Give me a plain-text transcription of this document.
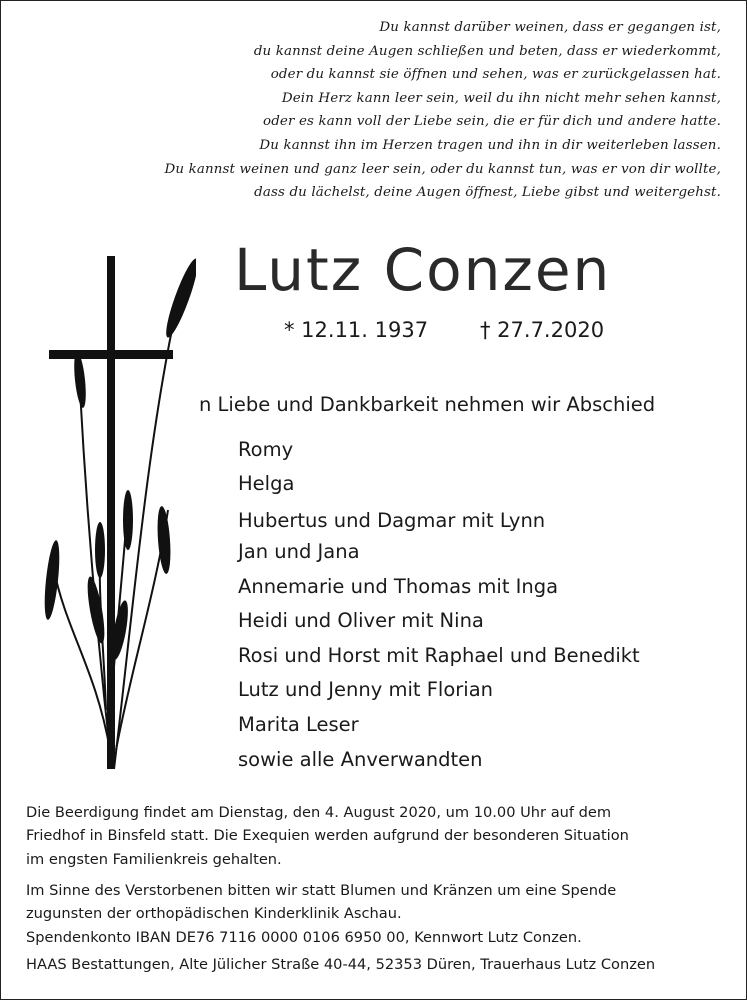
Du kannst darüber weinen, dass er gegangen ist,
du kannst deine Augen schließen und beten, dass er wiederkommt,
oder du kannst sie öffnen und sehen, was er zurückgelassen hat.
Dein Herz kann leer sein, weil du ihn nicht mehr sehen kannst,
oder es kann voll der Liebe sein, die er für dich und andere hatte.
Du kannst ihn im Herzen tragen und ihn in dir weiterleben lassen.
Du kannst weinen und ganz leer sein, oder du kannst tun, was er von dir wollte,
dass du lächelst, deine Augen öffnest, Liebe gibst und weitergehst.
Lutz Conzen
* 12.11. 1937 † 27.7.2020
n Liebe und Dankbarkeit nehmen wir Abschied
Romy
Helga
Hubertus und Dagmar mit Lynn
Jan und Jana
Annemarie und Thomas mit Inga
Heidi und Oliver mit Nina
Rosi und Horst mit Raphael und Benedikt
Lutz und Jenny mit Florian
Marita Leser
sowie alle Anverwandten
Die Beerdigung findet am Dienstag, den 4. August 2020, um 10.00 Uhr auf dem
Friedhof in Binsfeld statt. Die Exequien werden aufgrund der besonderen Situation
im engsten Familienkreis gehalten.
Im Sinne des Verstorbenen bitten wir statt Blumen und Kränzen um eine Spende
zugunsten der orthopädischen Kinderklinik Aschau.
Spendenkonto IBAN DE76 7116 0000 0106 6950 00, Kennwort Lutz Conzen.
HAAS Bestattungen, Alte Jülicher Straße 40-44, 52353 Düren, Trauerhaus Lutz Conzen
